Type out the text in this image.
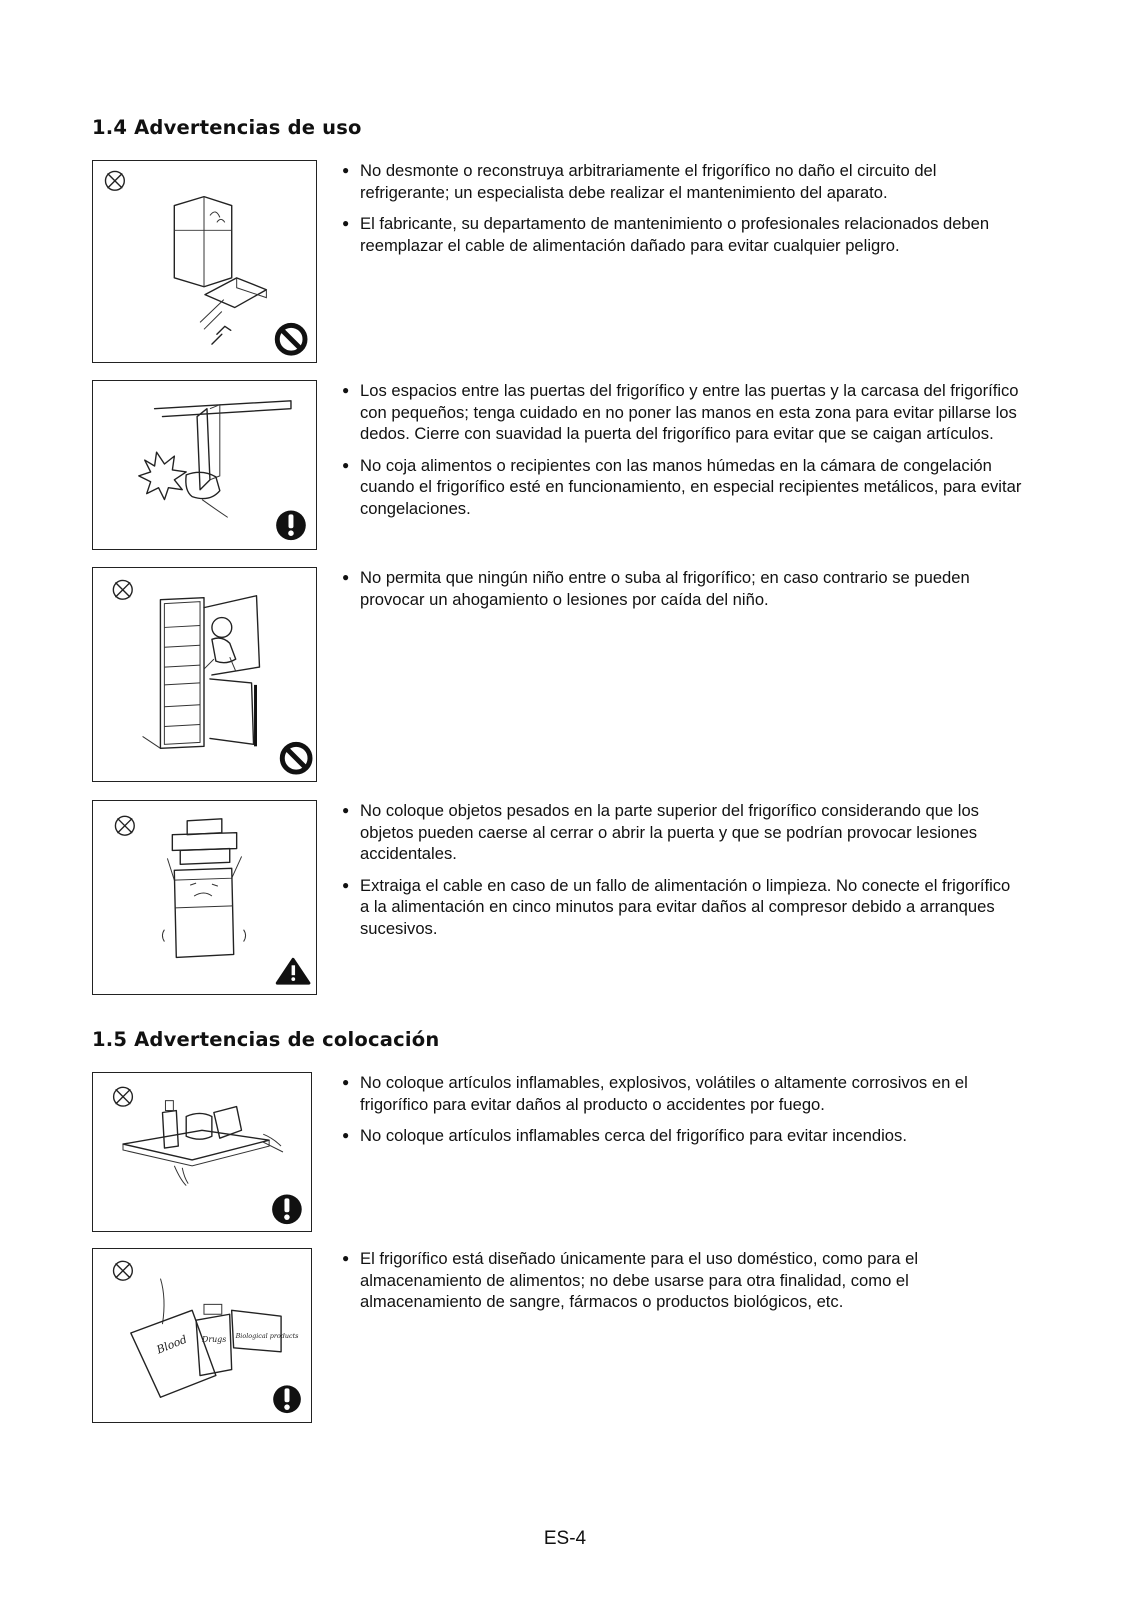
1.4 Advertencias de uso
● No desmonte o reconstruya arbitrariamente el frigorífico no daño el circuito del refrigerante; un especialista debe realizar el mantenimiento del aparato.
● El fabricante, su departamento de mantenimiento o profesionales relacionados deben reemplazar el cable de alimentación dañado para evitar cualquier peligro.
● Los espacios entre las puertas del frigorífico y entre las puertas y la carcasa del frigorífico con pequeños; tenga cuidado en no poner las manos en esta zona para evitar pillarse los dedos. Cierre con suavidad la puerta del frigorífico para evitar que se caigan artículos.
● No coja alimentos o recipientes con las manos húmedas en la cámara de congelación cuando el frigorífico esté en funcionamiento, en especial recipientes metálicos, para evitar congelaciones.
● No permita que ningún niño entre o suba al frigorífico; en caso contrario se pueden provocar un ahogamiento o lesiones por caída del niño.
● No coloque objetos pesados en la parte superior del frigorífico considerando que los objetos pueden caerse al cerrar o abrir la puerta y que se podrían provocar lesiones accidentales.
● Extraiga el cable en caso de un fallo de alimentación o limpieza. No conecte el frigorífico a la alimentación en cinco minutos para evitar daños al compresor debido a arranques sucesivos.
1.5 Advertencias de colocación
● No coloque artículos inflamables, explosivos, volátiles o altamente corrosivos en el frigorífico para evitar daños al producto o accidentes por fuego.
● No coloque artículos inflamables cerca del frigorífico para evitar incendios.
Blood Drugs Biological products
● El frigorífico está diseñado únicamente para el uso doméstico, como para el almacenamiento de alimentos; no debe usarse para otra finalidad, como el almacenamiento de sangre, fármacos o productos biológicos, etc.

ES-4
